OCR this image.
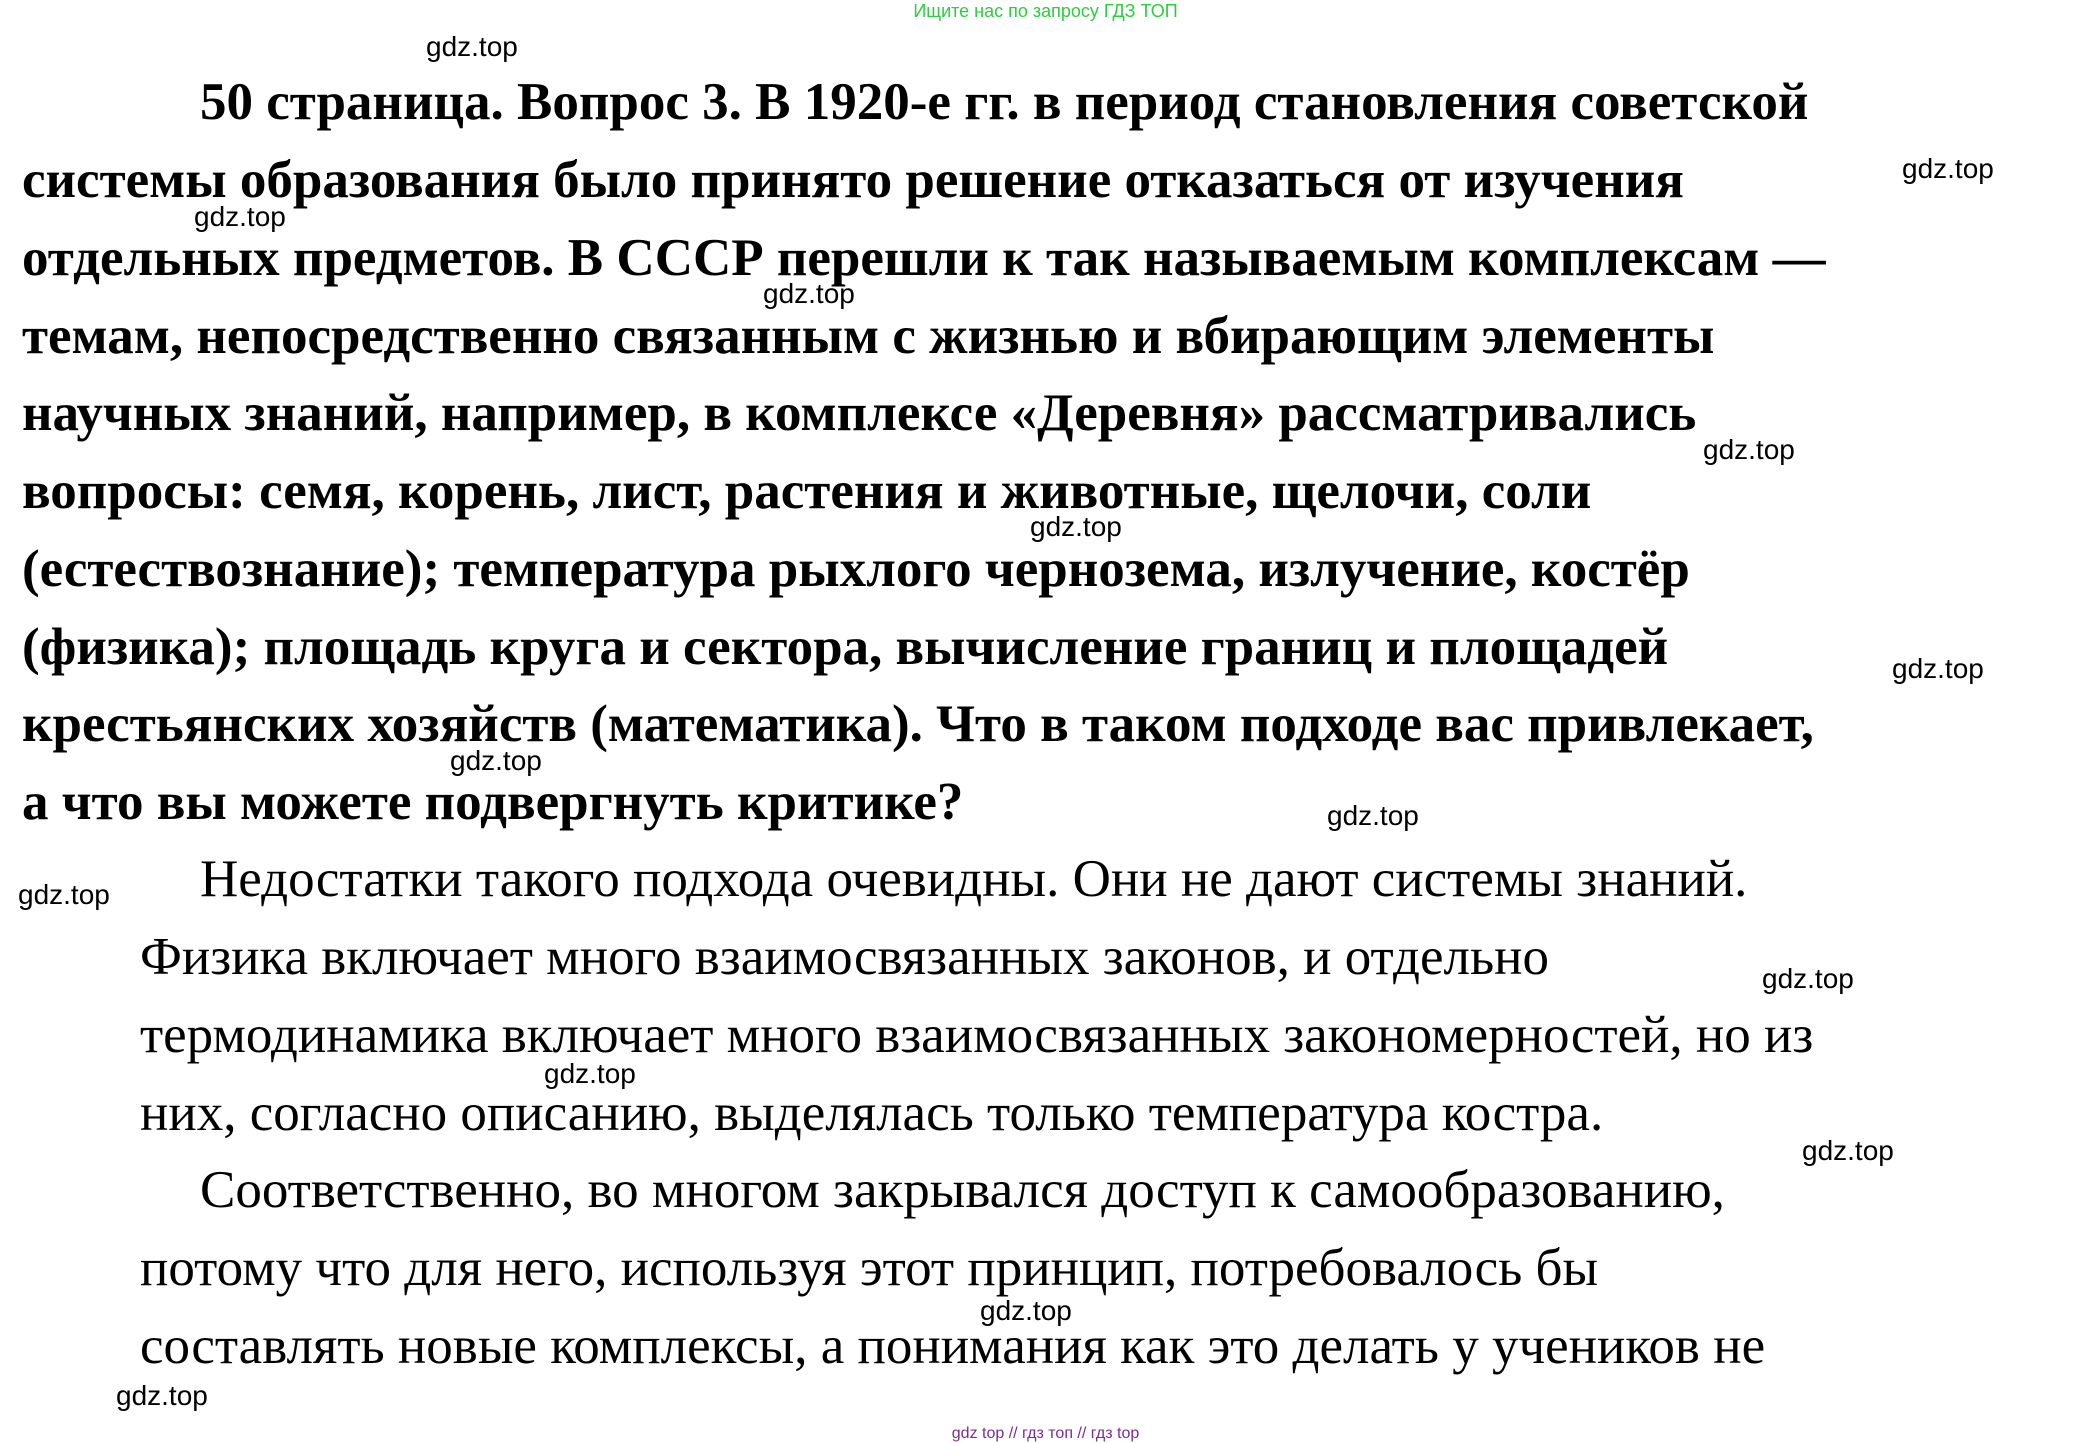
Ищите нас по запросу ГДЗ ТОП
50 страница. Вопрос 3. В 1920-е гг. в период становления советской
системы образования было принято решение отказаться от изучения
отдельных предметов. В СССР перешли к так называемым комплексам —
темам, непосредственно связанным с жизнью и вбирающим элементы
научных знаний, например, в комплексе «Деревня» рассматривались
вопросы: семя, корень, лист, растения и животные, щелочи, соли
(естествознание); температура рыхлого чернозема, излучение, костёр
(физика); площадь круга и сектора, вычисление границ и площадей
крестьянских хозяйств (математика). Что в таком подходе вас привлекает,
а что вы можете подвергнуть критике?
Недостатки такого подхода очевидны. Они не дают системы знаний.
Физика включает много взаимосвязанных законов, и отдельно
термодинамика включает много взаимосвязанных закономерностей, но из
них, согласно описанию, выделялась только температура костра.
Соответственно, во многом закрывался доступ к самообразованию,
потому что для него, используя этот принцип, потребовалось бы
составлять новые комплексы, а понимания как это делать у учеников не
gdz.top
gdz.top
gdz.top
gdz.top
gdz.top
gdz.top
gdz.top
gdz.top
gdz.top
gdz.top
gdz.top
gdz.top
gdz.top
gdz.top
gdz.top
gdz top // гдз топ // гдз top
